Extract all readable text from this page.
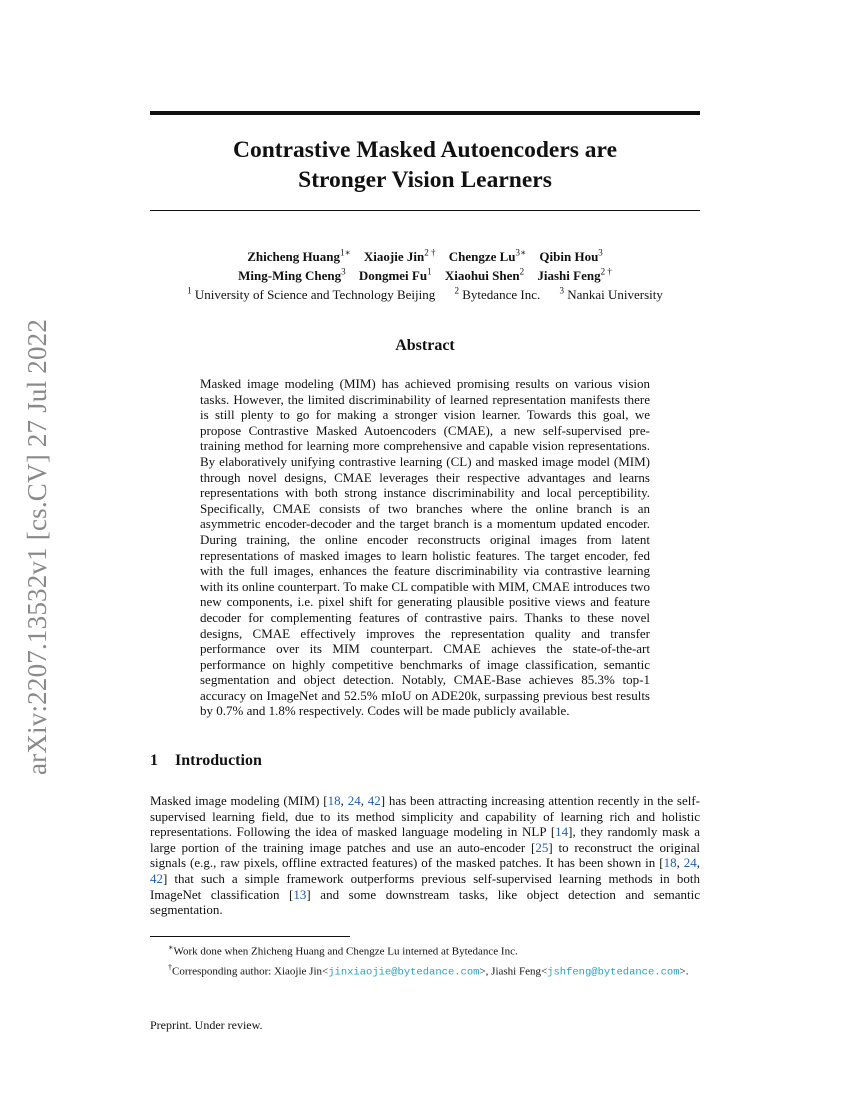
arXiv:2207.13532v1 [cs.CV] 27 Jul 2022
Contrastive Masked Autoencoders are
Stronger Vision Learners
Zhicheng Huang$^{1∗}$ Xiaojie Jin$^{2 \dagger}$ Chengze $Lu^{3∗}$ Qibin Hou$^3$
Ming-Ming Cheng$^3$ Dongmei Fu$^1$ Xiaohui Shen$^2$ Jiashi Feng$^{2 \dagger}$
$^1$ University of Science and Technology Beijing $^2$ Bytedance Inc. $^3$ Nankai University
Abstract
Masked image modeling (MIM) has achieved promising results on various vision tasks. However, the limited discriminability of learned representation manifests there is still plenty to go for making a stronger vision learner. Towards this goal, we propose Contrastive Masked Autoencoders (CMAE), a new self-supervised pre-training method for learning more comprehensive and capable vision representations. By elaboratively unifying contrastive learning (CL) and masked image model (MIM) through novel designs, CMAE leverages their respective advantages and learns representations with both strong instance discriminability and local perceptibility. Specifically, CMAE consists of two branches where the online branch is an asymmetric encoder-decoder and the target branch is a momentum updated encoder. During training, the online encoder reconstructs original images from latent representations of masked images to learn holistic features. The target encoder, fed with the full images, enhances the feature discriminability via contrastive learning with its online counterpart. To make CL compatible with MIM, CMAE introduces two new components, i.e. pixel shift for generating plausible positive views and feature decoder for complementing features of contrastive pairs. Thanks to these novel designs, CMAE effectively improves the representation quality and transfer performance over its MIM counterpart. CMAE achieves the state-of-the-art performance on highly competitive benchmarks of image classification, semantic segmentation and object detection. Notably, CMAE-Base achieves 85.3% top-1 accuracy on ImageNet and 52.5% mIoU on ADE20k, surpassing previous best results by 0.7% and 1.8% respectively. Codes will be made publicly available.
1 Introduction
Masked image modeling (MIM) [18, 24, 42] has been attracting increasing attention recently in the self-supervised learning field, due to its method simplicity and capability of learning rich and holistic representations. Following the idea of masked language modeling in NLP [14], they randomly mask a large portion of the training image patches and use an auto-encoder [25] to reconstruct the original signals (e.g., raw pixels, offline extracted features) of the masked patches. It has been shown in [18, 24, 42] that such a simple framework outperforms previous self-supervised learning methods in both ImageNet classification [13] and some downstream tasks, like object detection and semantic segmentation.

∗Work done when Zhicheng Huang and Chengze Lu interned at Bytedance Inc.

†Corresponding author: Xiaojie Jin<jinxiaojie@bytedance.com>, Jiashi Feng<jshfeng@bytedance.com>.

Preprint. Under review.
